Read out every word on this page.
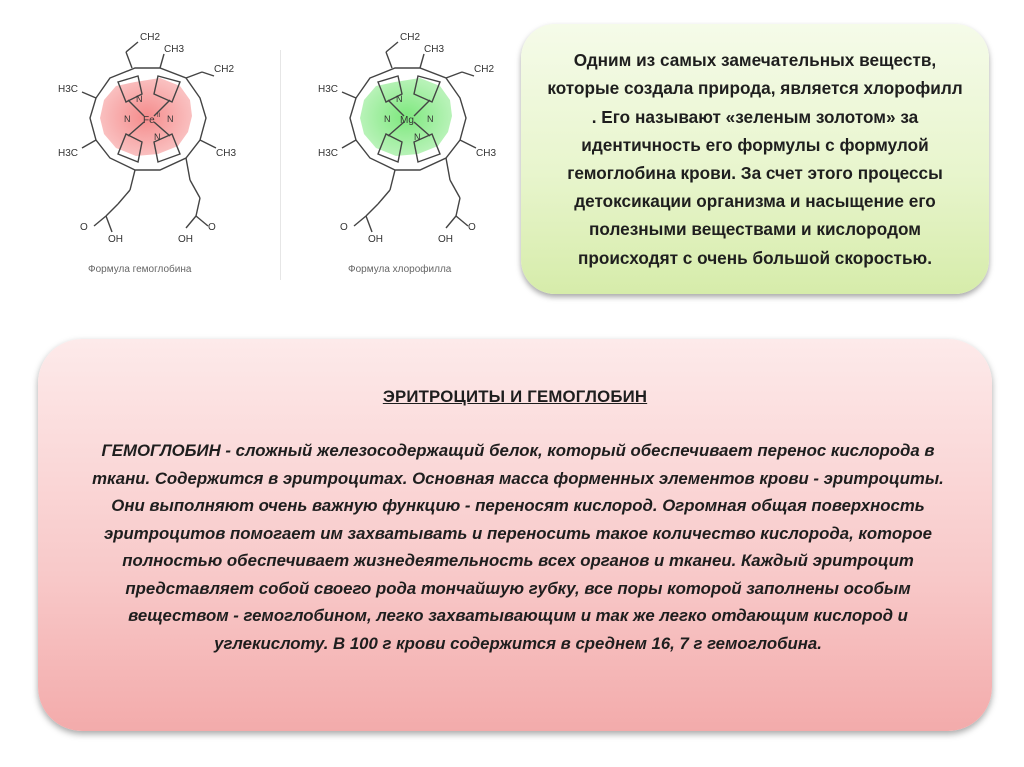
CH2
CH2
H3C
CH3
H3C	CH3
N	N
N
N
Fe II
O
OH
O
OH
CH2
CH2
H3C
CH3
H3C	CH3
N	N
N
N
Mg
O
OH
O
OH
Формула гемоглобина	Формула хлорофилла
Одним из самых замечательных веществ, которые создала природа, является хлорофилл . Его называют «зеленым золотом» за идентичность его формулы с формулой гемоглобина крови. За счет этого процессы детоксикации организма и насыщение его полезными веществами и кислородом происходят с очень большой скоростью.
ЭРИТРОЦИТЫ И ГЕМОГЛОБИН
ГЕМОГЛОБИН - сложный железосодержащий белок, который обеспечивает перенос кислорода в ткани. Содержится в эритроцитах. Основная масса форменных элементов крови - эритроциты. Они выполняют очень важную функцию - переносят кислород. Огромная общая поверхность эритроцитов помогает им захватывать и переносить такое количество кислорода, которое полностью обеспечивает жизнедеятельность всех органов и тканеи. Каждый эритроцит представляет собой своего рода тончайшую губку, все поры которой заполнены особым веществом - гемоглобином, легко захватывающим и так же легко отдающим кислород и углекислоту. В 100 г крови содержится в среднем 16, 7 г гемоглобина.
